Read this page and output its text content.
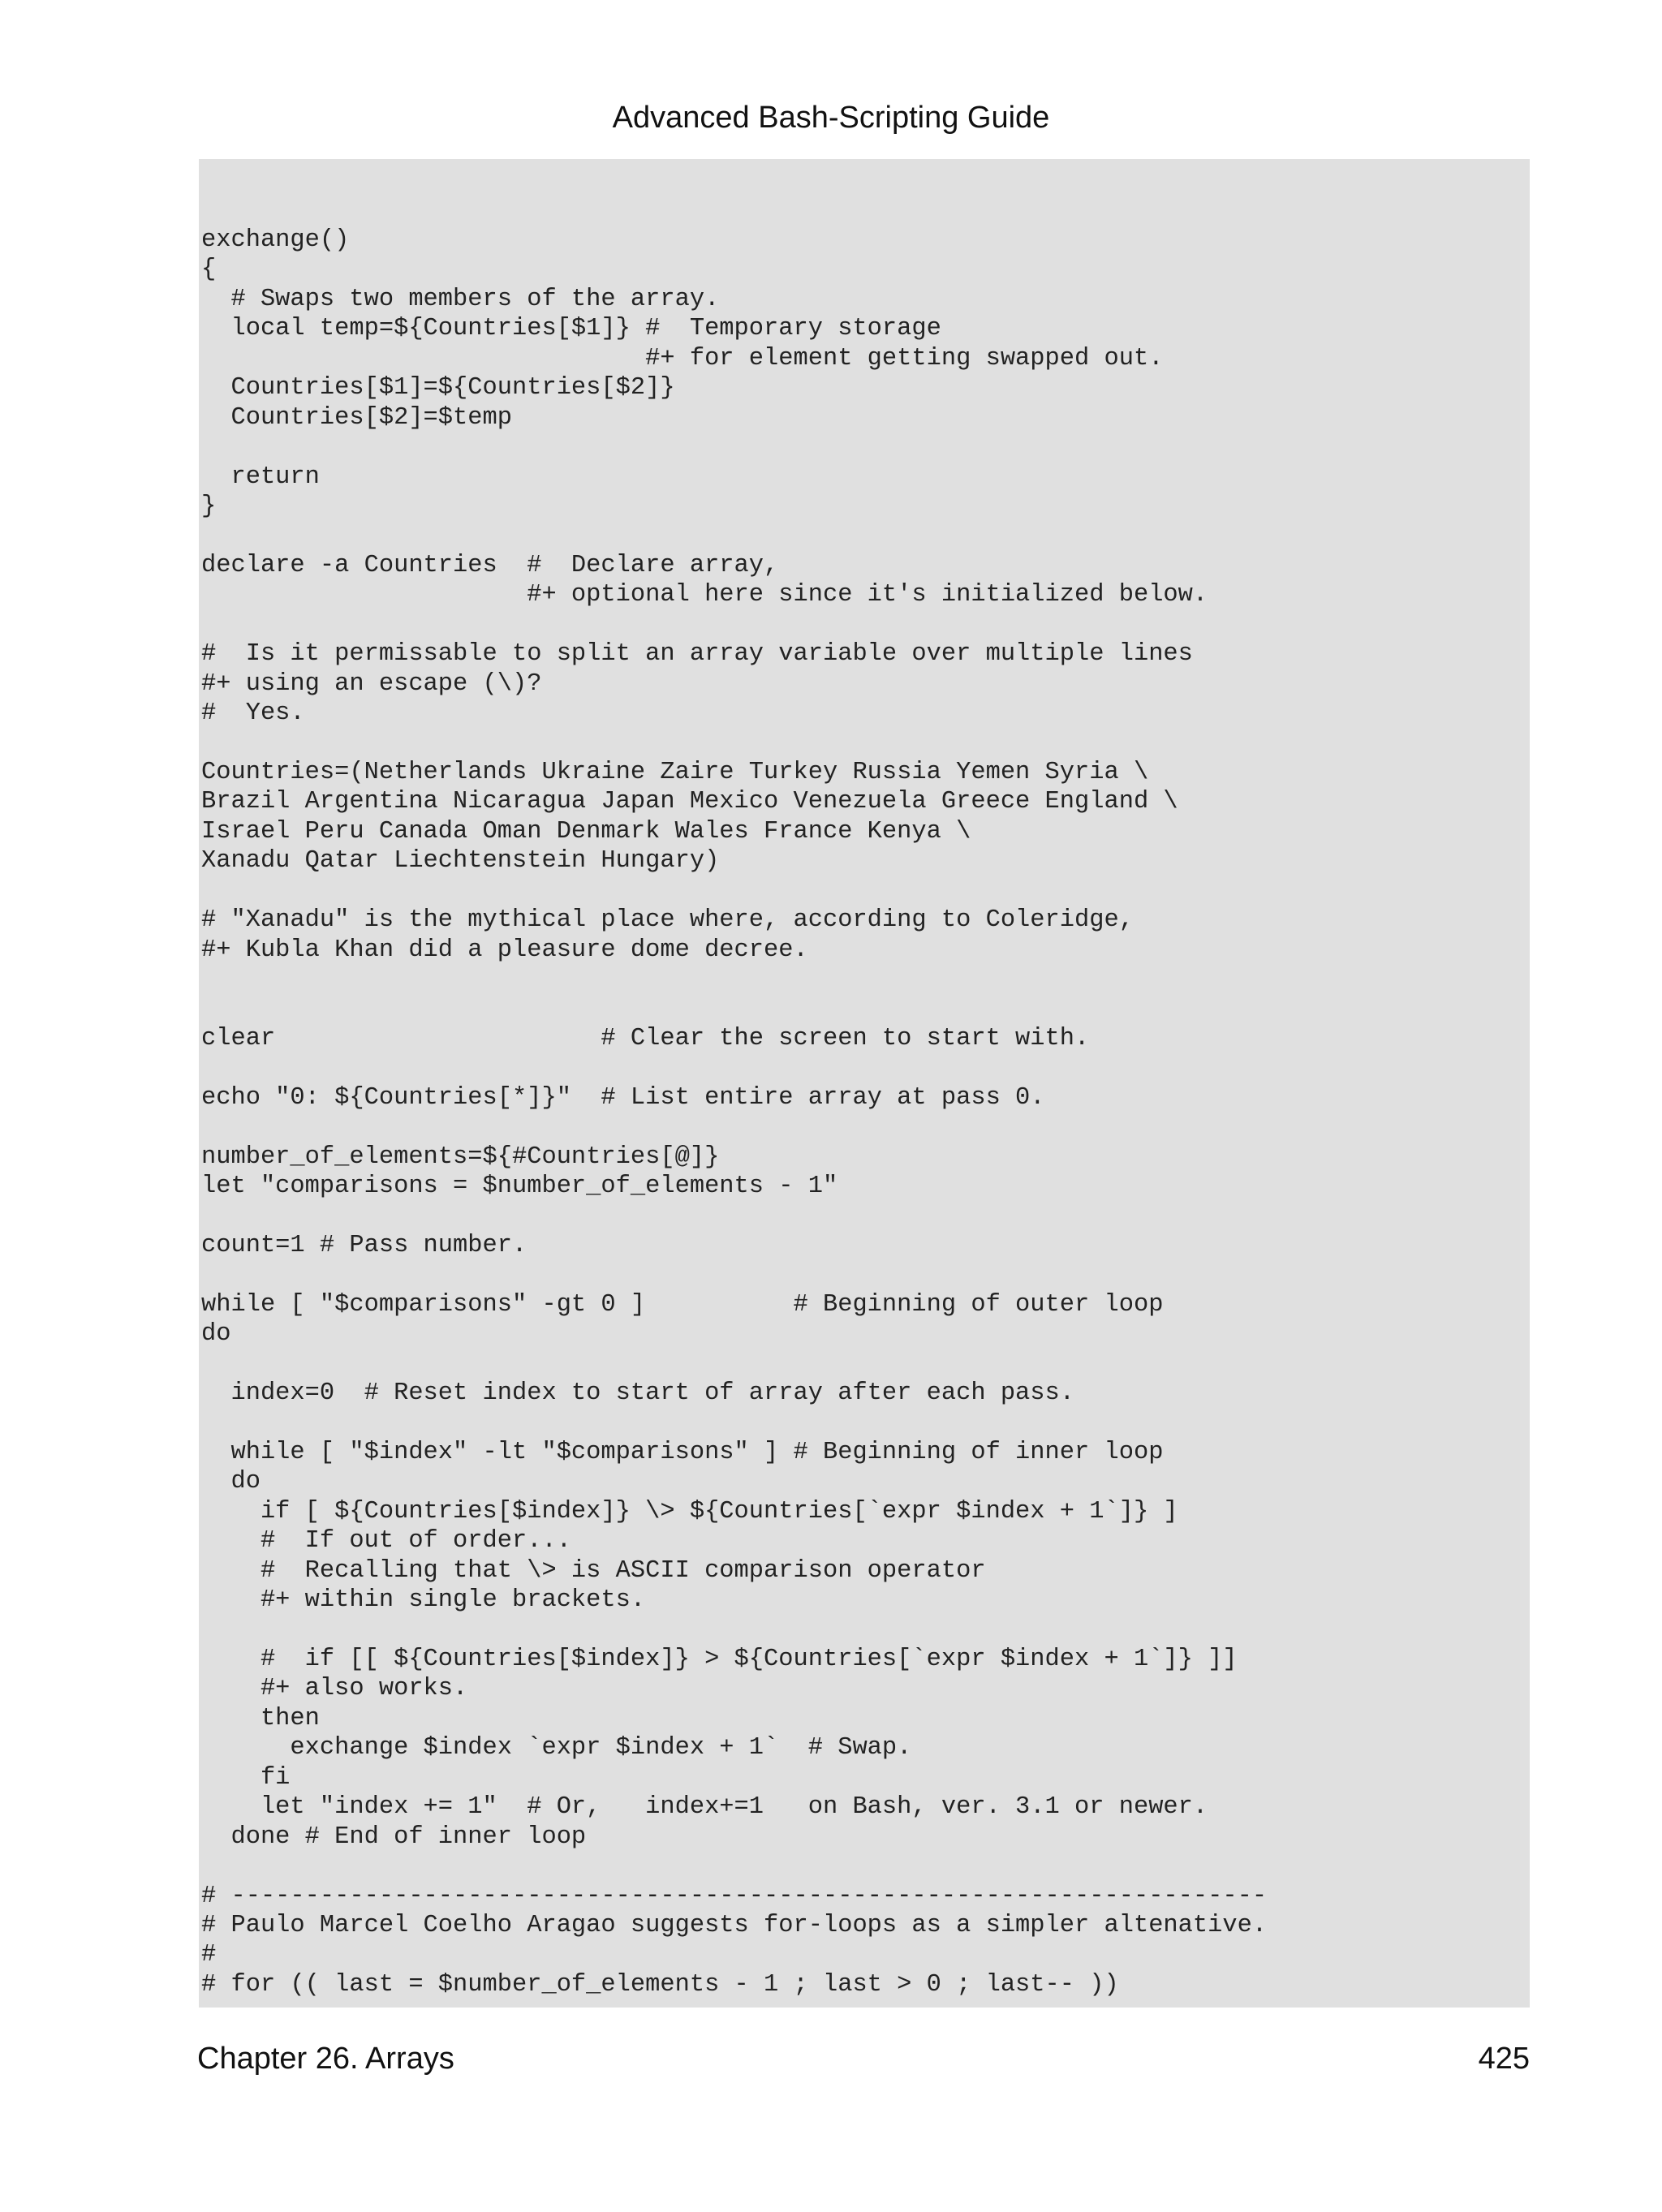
Advanced Bash-Scripting Guide
exchange()
{
# Swaps two members of the array.
local temp=${Countries[$1]} #  Temporary storage
#+ for element getting swapped out.
Countries[$1]=${Countries[$2]}
Countries[$2]=$temp

return
}

declare -a Countries  #  Declare array,
#+ optional here since it's initialized below.

#  Is it permissable to split an array variable over multiple lines
#+ using an escape (\)?
#  Yes.

Countries=(Netherlands Ukraine Zaire Turkey Russia Yemen Syria \
Brazil Argentina Nicaragua Japan Mexico Venezuela Greece England \
Israel Peru Canada Oman Denmark Wales France Kenya \
Xanadu Qatar Liechtenstein Hungary)

# "Xanadu" is the mythical place where, according to Coleridge,
#+ Kubla Khan did a pleasure dome decree.

clear                      # Clear the screen to start with.

echo "0: ${Countries[*]}"  # List entire array at pass 0.

number_of_elements=${#Countries[@]}
let "comparisons = $number_of_elements - 1"

count=1 # Pass number.

while [ "$comparisons" -gt 0 ]          # Beginning of outer loop
do

index=0  # Reset index to start of array after each pass.

while [ "$index" -lt "$comparisons" ] # Beginning of inner loop
do
if [ ${Countries[$index]} \> ${Countries[`expr $index + 1`]} ]
#  If out of order...
#  Recalling that \> is ASCII comparison operator
#+ within single brackets.

#  if [[ ${Countries[$index]} > ${Countries[`expr $index + 1`]} ]]
#+ also works.
then
exchange $index `expr $index + 1`  # Swap.
fi
let "index += 1"  # Or,   index+=1   on Bash, ver. 3.1 or newer.
done # End of inner loop

# ----------------------------------------------------------------------
# Paulo Marcel Coelho Aragao suggests for-loops as a simpler altenative.
#
# for (( last = $number_of_elements - 1 ; last > 0 ; last-- ))
Chapter 26. Arrays	425
